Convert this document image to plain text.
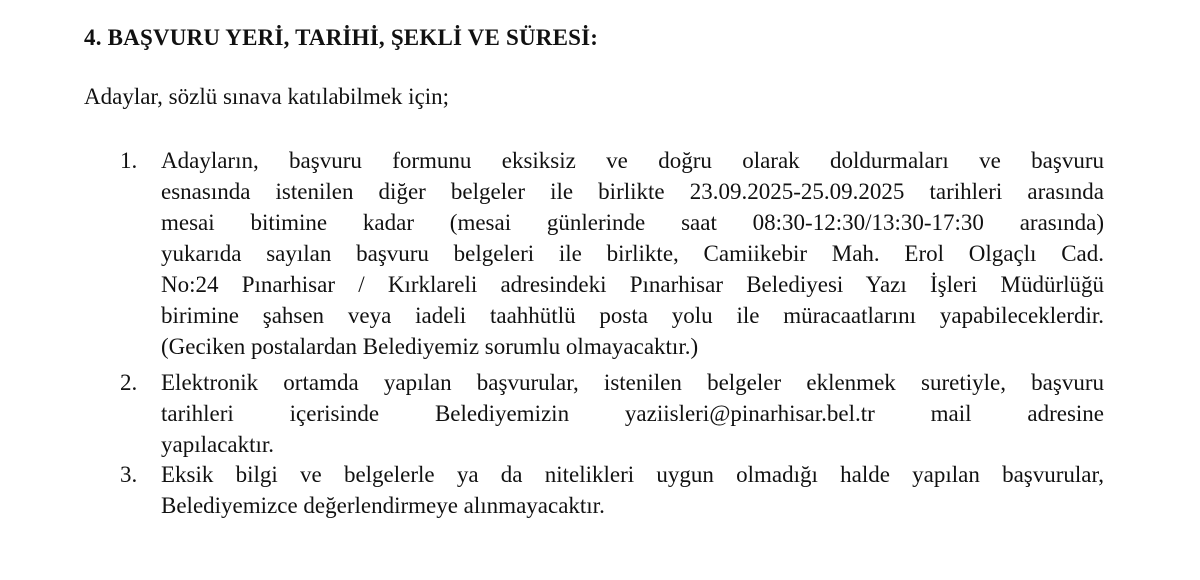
4. BAŞVURU YERİ, TARİHİ, ŞEKLİ VE SÜRESİ:
Adaylar, sözlü sınava katılabilmek için;
1.	Adayların, başvuru formunu eksiksiz ve doğru olarak doldurmaları ve başvuru
esnasında istenilen diğer belgeler ile birlikte 23.09.2025-25.09.2025 tarihleri arasında
mesai bitimine kadar (mesai günlerinde saat 08:30-12:30/13:30-17:30 arasında)
yukarıda sayılan başvuru belgeleri ile birlikte, Camiikebir Mah. Erol Olgaçlı Cad.
No:24 Pınarhisar / Kırklareli adresindeki Pınarhisar Belediyesi Yazı İşleri Müdürlüğü
birimine şahsen veya iadeli taahhütlü posta yolu ile müracaatlarını yapabileceklerdir.
(Geciken postalardan Belediyemiz sorumlu olmayacaktır.)
2.	Elektronik ortamda yapılan başvurular, istenilen belgeler eklenmek suretiyle, başvuru
tarihleri içerisinde Belediyemizin yaziisleri@pinarhisar.bel.tr mail adresine
yapılacaktır.
3.	Eksik bilgi ve belgelerle ya da nitelikleri uygun olmadığı halde yapılan başvurular,
Belediyemizce değerlendirmeye alınmayacaktır.
